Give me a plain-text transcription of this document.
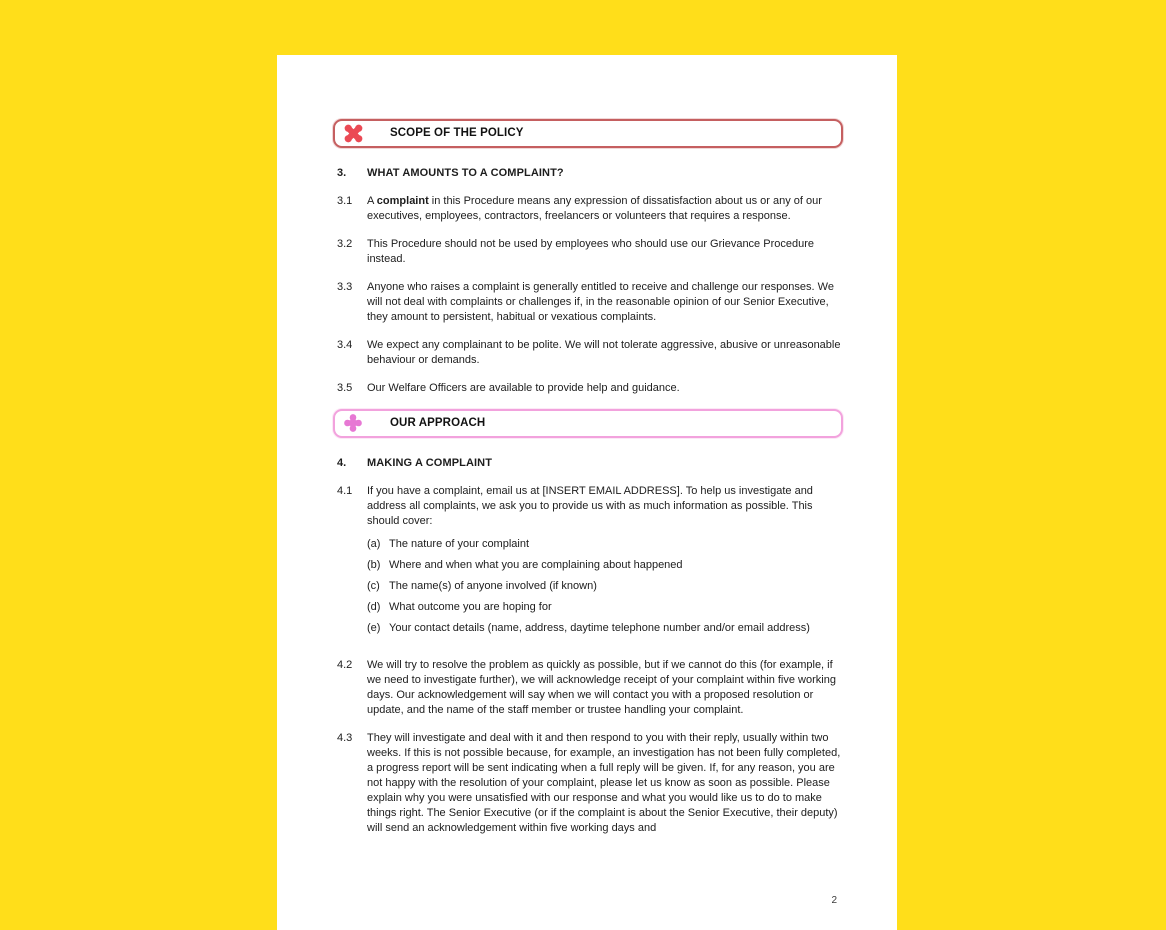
SCOPE OF THE POLICY
3.	WHAT AMOUNTS TO A COMPLAINT?
3.1	A complaint in this Procedure means any expression of dissatisfaction about us or any of our executives, employees, contractors, freelancers or volunteers that requires a response.
3.2	This Procedure should not be used by employees who should use our Grievance Procedure instead.
3.3	Anyone who raises a complaint is generally entitled to receive and challenge our responses. We will not deal with complaints or challenges if, in the reasonable opinion of our Senior Executive, they amount to persistent, habitual or vexatious complaints.
3.4	We expect any complainant to be polite. We will not tolerate aggressive, abusive or unreasonable behaviour or demands.
3.5	Our Welfare Officers are available to provide help and guidance.
OUR APPROACH
4.	MAKING A COMPLAINT
4.1	If you have a complaint, email us at [INSERT EMAIL ADDRESS]. To help us investigate and address all complaints, we ask you to provide us with as much information as possible. This should cover:
(a) The nature of your complaint
(b) Where and when what you are complaining about happened
(c) The name(s) of anyone involved (if known)
(d) What outcome you are hoping for
(e) Your contact details (name, address, daytime telephone number and/or email address)
4.2	We will try to resolve the problem as quickly as possible, but if we cannot do this (for example, if we need to investigate further), we will acknowledge receipt of your complaint within five working days. Our acknowledgement will say when we will contact you with a proposed resolution or update, and the name of the staff member or trustee handling your complaint.
4.3	They will investigate and deal with it and then respond to you with their reply, usually within two weeks. If this is not possible because, for example, an investigation has not been fully completed, a progress report will be sent indicating when a full reply will be given. If, for any reason, you are not happy with the resolution of your complaint, please let us know as soon as possible. Please explain why you were unsatisfied with our response and what you would like us to do to make things right. The Senior Executive (or if the complaint is about the Senior Executive, their deputy) will send an acknowledgement within five working days and
2
